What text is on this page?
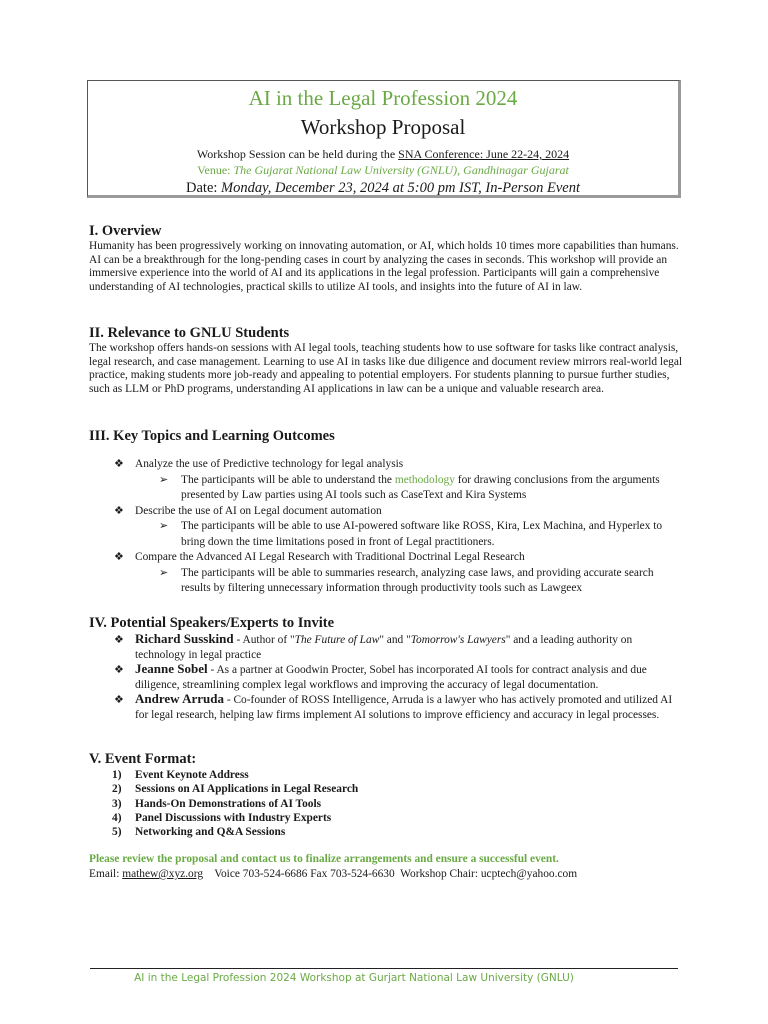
AI in the Legal Profession 2024
Workshop Proposal
Workshop Session can be held during the SNA Conference: June 22-24, 2024
Venue: The Gujarat National Law University (GNLU), Gandhinagar Gujarat
Date: Monday, December 23, 2024 at 5:00 pm IST, In-Person Event
I. Overview

Humanity has been progressively working on innovating automation, or AI, which holds 10 times more capabilities than humans. AI can be a breakthrough for the long-pending cases in court by analyzing the cases in seconds. This workshop will provide an immersive experience into the world of AI and its applications in the legal profession. Participants will gain a comprehensive understanding of AI technologies, practical skills to utilize AI tools, and insights into the future of AI in law.

II. Relevance to GNLU Students

The workshop offers hands-on sessions with AI legal tools, teaching students how to use software for tasks like contract analysis, legal research, and case management. Learning to use AI in tasks like due diligence and document review mirrors real-world legal practice, making students more job-ready and appealing to potential employers. For students planning to pursue further studies, such as LLM or PhD programs, understanding AI applications in law can be a unique and valuable research area.

III. Key Topics and Learning Outcomes
❖ Analyze the use of Predictive technology for legal analysis
➢ The participants will be able to understand the methodology for drawing conclusions from the arguments presented by Law parties using AI tools such as CaseText and Kira Systems
❖ Describe the use of AI on Legal document automation
➢ The participants will be able to use AI-powered software like ROSS, Kira, Lex Machina, and Hyperlex to bring down the time limitations posed in front of Legal practitioners.
❖ Compare the Advanced AI Legal Research with Traditional Doctrinal Legal Research
➢ The participants will be able to summaries research, analyzing case laws, and providing accurate search results by filtering unnecessary information through productivity tools such as Lawgeex
IV. Potential Speakers/Experts to Invite
❖ Richard Susskind - Author of "The Future of Law" and "Tomorrow's Lawyers" and a leading authority on technology in legal practice
❖ Jeanne Sobel - As a partner at Goodwin Procter, Sobel has incorporated AI tools for contract analysis and due diligence, streamlining complex legal workflows and improving the accuracy of legal documentation.
❖ Andrew Arruda - Co-founder of ROSS Intelligence, Arruda is a lawyer who has actively promoted and utilized AI for legal research, helping law firms implement AI solutions to improve efficiency and accuracy in legal processes.
V. Event Format:
1) Event Keynote Address
2) Sessions on AI Applications in Legal Research
3) Hands-On Demonstrations of AI Tools
4) Panel Discussions with Industry Experts
5) Networking and Q&A Sessions
Please review the proposal and contact us to finalize arrangements and ensure a successful event.
Email: mathew@xyz.org    Voice 703-524-6686 Fax 703-524-6630  Workshop Chair: ucptech@yahoo.com
AI in the Legal Profession 2024 Workshop at Gurjart National Law University (GNLU)
